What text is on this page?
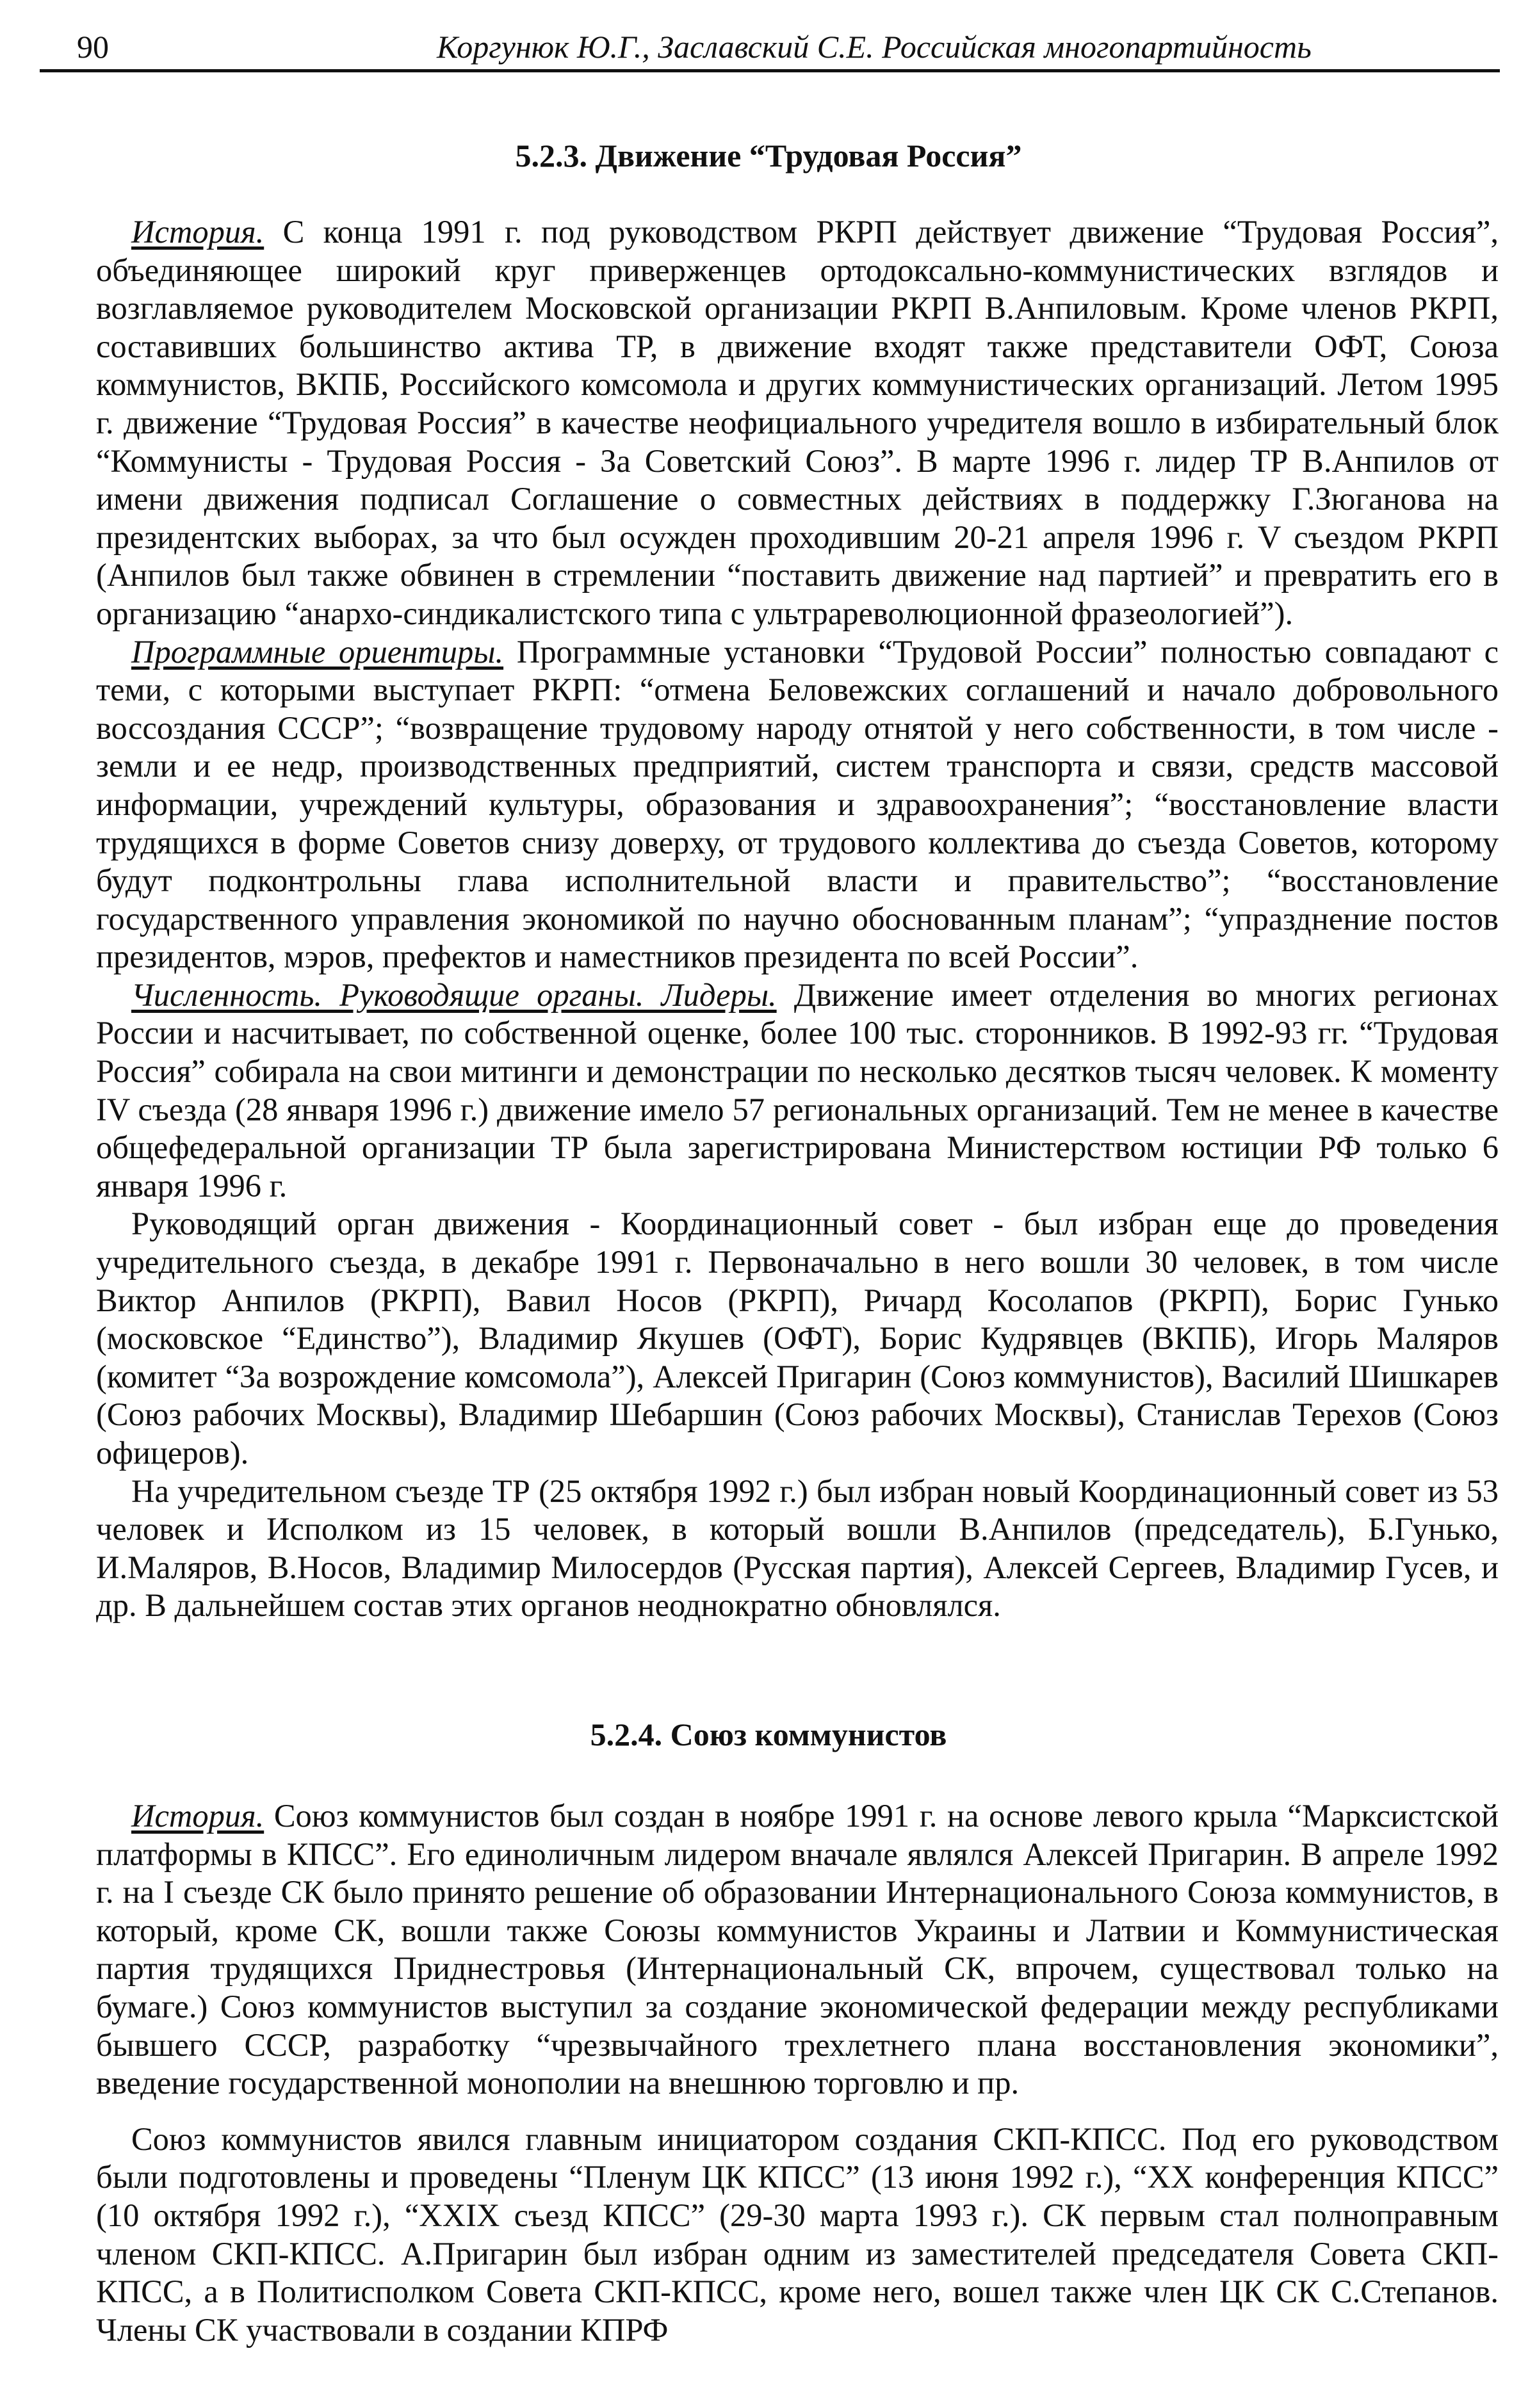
90	Коргунюк Ю.Г., Заславский С.Е. Российская многопартийность
5.2.3. Движение “Трудовая Россия”

История. С конца 1991 г. под руководством РКРП действует движение “Трудовая Россия”, объединяющее широкий круг приверженцев ортодоксально-коммунистических взглядов и возглавляемое руководителем Московской организации РКРП В.Анпиловым. Кроме членов РКРП, составивших большинство актива ТР, в движение входят также представители ОФТ, Союза коммунистов, ВКПБ, Российского комсомола и других коммунистических организаций. Летом 1995 г. движение “Трудовая Россия” в качестве неофициального учредителя вошло в избирательный блок “Коммунисты - Трудовая Россия - За Советский Союз”. В марте 1996 г. лидер ТР В.Анпилов от имени движения подписал Соглашение о совместных действиях в поддержку Г.Зюганова на президентских выборах, за что был осужден проходившим 20-21 апреля 1996 г. V съездом РКРП (Анпилов был также обвинен в стремлении “поставить движение над партией” и превратить его в организацию “анархо-синдикалистского типа с ультрареволюционной фразеологией”).

Программные ориентиры. Программные установки “Трудовой России” полностью совпадают с теми, с которыми выступает РКРП: “отмена Беловежских соглашений и начало добровольного воссоздания СССР”; “возвращение трудовому народу отнятой у него собственности, в том числе - земли и ее недр, производственных предприятий, систем транспорта и связи, средств массовой информации, учреждений культуры, образования и здравоохранения”; “восстановление власти трудящихся в форме Советов снизу доверху, от трудового коллектива до съезда Советов, которому будут подконтрольны глава исполнительной власти и правительство”; “восстановление государственного управления экономикой по научно обоснованным планам”; “упразднение постов президентов, мэров, префектов и наместников президента по всей России”.

Численность. Руководящие органы. Лидеры. Движение имеет отделения во многих регионах России и насчитывает, по собственной оценке, более 100 тыс. сторонников. В 1992-93 гг. “Трудовая Россия” собирала на свои митинги и демонстрации по несколько десятков тысяч человек. К моменту IV съезда (28 января 1996 г.) движение имело 57 региональных организаций. Тем не менее в качестве общефедеральной организации ТР была зарегистрирована Министерством юстиции РФ только 6 января 1996 г.

Руководящий орган движения - Координационный совет - был избран еще до проведения учредительного съезда, в декабре 1991 г. Первоначально в него вошли 30 человек, в том числе Виктор Анпилов (РКРП), Вавил Носов (РКРП), Ричард Косолапов (РКРП), Борис Гунько (московское “Единство”), Владимир Якушев (ОФТ), Борис Кудрявцев (ВКПБ), Игорь Маляров (комитет “За возрождение комсомола”), Алексей Пригарин (Союз коммунистов), Василий Шишкарев (Союз рабочих Москвы), Владимир Шебаршин (Союз рабочих Москвы), Станислав Терехов (Союз офицеров).

На учредительном съезде ТР (25 октября 1992 г.) был избран новый Координационный совет из 53 человек и Исполком из 15 человек, в который вошли В.Анпилов (председатель), Б.Гунько, И.Маляров, В.Носов, Владимир Милосердов (Русская партия), Алексей Сергеев, Владимир Гусев, и др. В дальнейшем состав этих органов неоднократно обновлялся.

5.2.4. Союз коммунистов

История. Союз коммунистов был создан в ноябре 1991 г. на основе левого крыла “Марксистской платформы в КПСС”. Его единоличным лидером вначале являлся Алексей Пригарин. В апреле 1992 г. на I съезде СК было принято решение об образовании Интернационального Союза коммунистов, в который, кроме СК, вошли также Союзы коммунистов Украины и Латвии и Коммунистическая партия трудящихся Приднестровья (Интернациональный СК, впрочем, существовал только на бумаге.) Союз коммунистов выступил за создание экономической федерации между республиками бывшего СССР, разработку “чрезвычайного трехлетнего плана восстановления экономики”, введение государственной монополии на внешнюю торговлю и пр.

Союз коммунистов явился главным инициатором создания СКП-КПСС. Под его руководством были подготовлены и проведены “Пленум ЦК КПСС” (13 июня 1992 г.), “XX конференция КПСС” (10 октября 1992 г.), “XXIX съезд КПСС” (29-30 марта 1993 г.). СК первым стал полноправным членом СКП-КПСС. А.Пригарин был избран одним из заместителей председателя Совета СКП-КПСС, а в Политисполком Совета СКП-КПСС, кроме него, вошел также член ЦК СК С.Степанов. Члены СК участвовали в создании КПРФ
